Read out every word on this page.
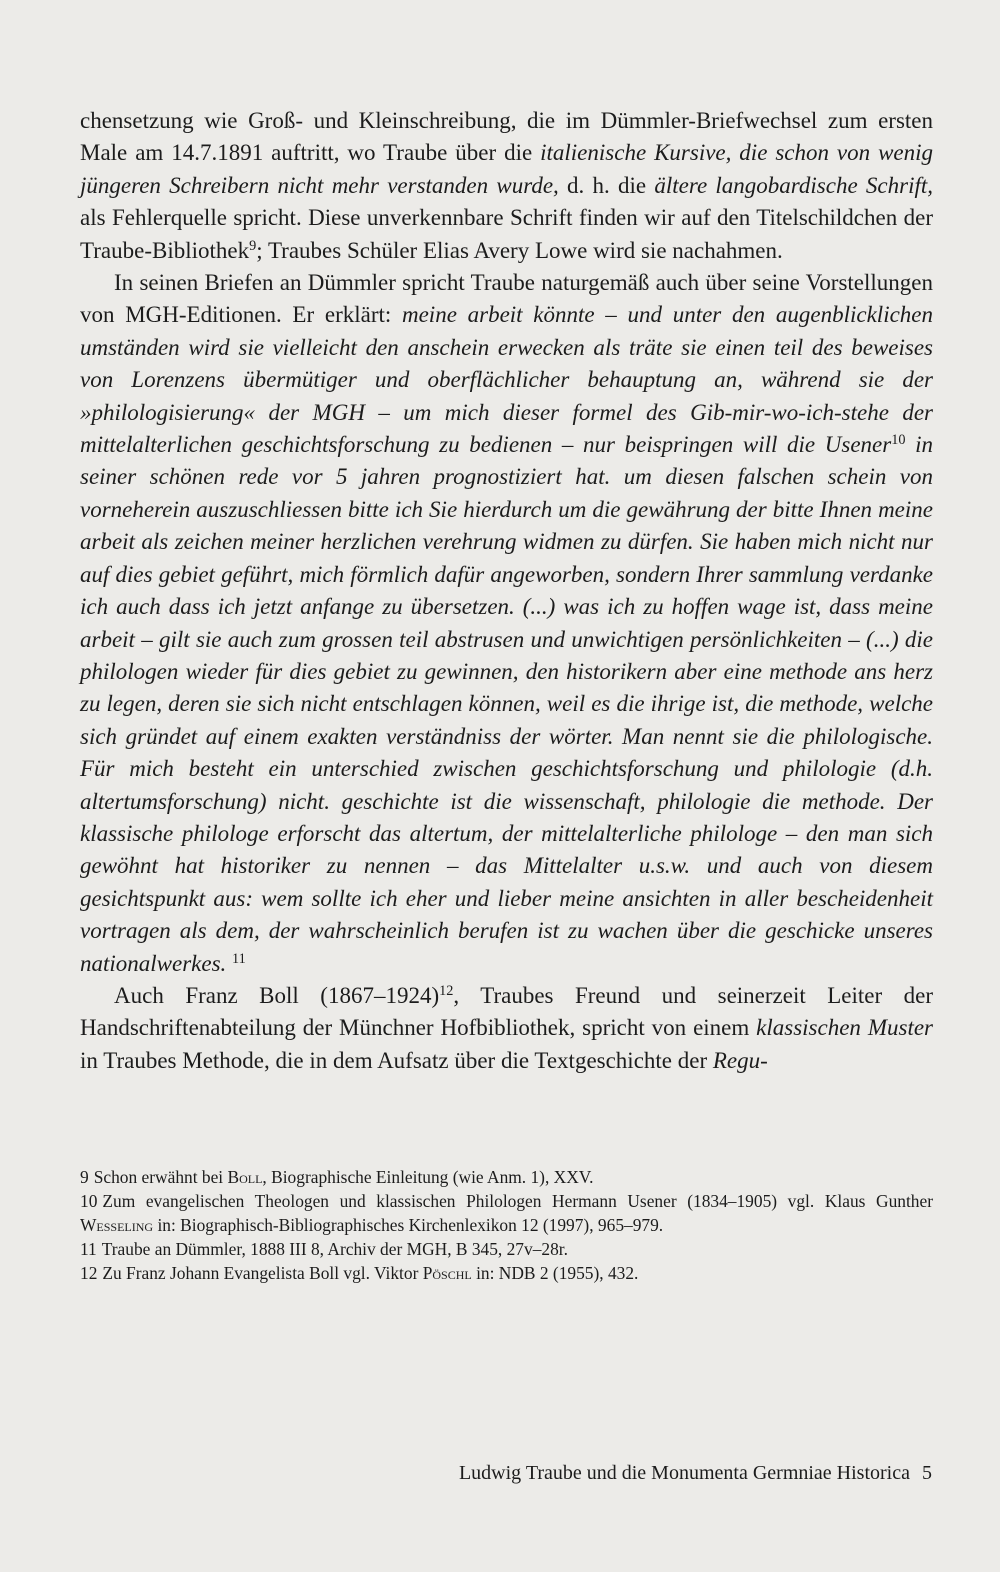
chensetzung wie Groß- und Kleinschreibung, die im Dümmler-Briefwechsel zum ersten Male am 14.7.1891 auftritt, wo Traube über die italienische Kursive, die schon von wenig jüngeren Schreibern nicht mehr verstanden wurde, d. h. die ältere langobardische Schrift, als Fehlerquelle spricht. Diese unverkennbare Schrift finden wir auf den Titelschildchen der Traube-Bibliothek$^9$; Traubes Schüler Elias Avery Lowe wird sie nachahmen.

In seinen Briefen an Dümmler spricht Traube naturgemäß auch über seine Vorstellungen von MGH-Editionen. Er erklärt: meine arbeit könnte – und unter den augenblicklichen umständen wird sie vielleicht den anschein erwecken als träte sie einen teil des beweises von Lorenzens übermütiger und oberflächlicher behauptung an, während sie der »philologisierung« der MGH – um mich dieser formel des Gib-mir-wo-ich-stehe der mittelalterlichen geschichtsforschung zu bedienen – nur beispringen will die Usener$^{10}$ in seiner schönen rede vor 5 jahren prognostiziert hat. um diesen falschen schein von vorneherein auszuschliessen bitte ich Sie hierdurch um die gewährung der bitte Ihnen meine arbeit als zeichen meiner herzlichen verehrung widmen zu dürfen. Sie haben mich nicht nur auf dies gebiet geführt, mich förmlich dafür angeworben, sondern Ihrer sammlung verdanke ich auch dass ich jetzt anfange zu übersetzen. (...) was ich zu hoffen wage ist, dass meine arbeit – gilt sie auch zum grossen teil abstrusen und unwichtigen persönlichkeiten – (...) die philologen wieder für dies gebiet zu gewinnen, den historikern aber eine methode ans herz zu legen, deren sie sich nicht entschlagen können, weil es die ihrige ist, die methode, welche sich gründet auf einem exakten verständniss der wörter. Man nennt sie die philologische. Für mich besteht ein unterschied zwischen geschichtsforschung und philologie (d.h. altertumsforschung) nicht. geschichte ist die wissenschaft, philologie die methode. Der klassische philologe erforscht das altertum, der mittelalterliche philologe – den man sich gewöhnt hat historiker zu nennen – das Mittelalter u.s.w. und auch von diesem gesichtspunkt aus: wem sollte ich eher und lieber meine ansichten in aller bescheidenheit vortragen als dem, der wahrscheinlich berufen ist zu wachen über die geschicke unseres nationalwerkes. $^{11}$

Auch Franz Boll (1867–1924)$^{12}$, Traubes Freund und seinerzeit Leiter der Handschriftenabteilung der Münchner Hofbibliothek, spricht von einem klassischen Muster in Traubes Methode, die in dem Aufsatz über die Textgeschichte der Regu-

9 Schon erwähnt bei Boll, Biographische Einleitung (wie Anm. 1), XXV.

10 Zum evangelischen Theologen und klassischen Philologen Hermann Usener (1834–1905) vgl. Klaus Gunther Wesseling in: Biographisch-Bibliographisches Kirchenlexikon 12 (1997), 965–979.

11 Traube an Dümmler, 1888 III 8, Archiv der MGH, B 345, 27v–28r.

12 Zu Franz Johann Evangelista Boll vgl. Viktor Pöschl in: NDB 2 (1955), 432.

Ludwig Traube und die Monumenta Germniae Historica 5
